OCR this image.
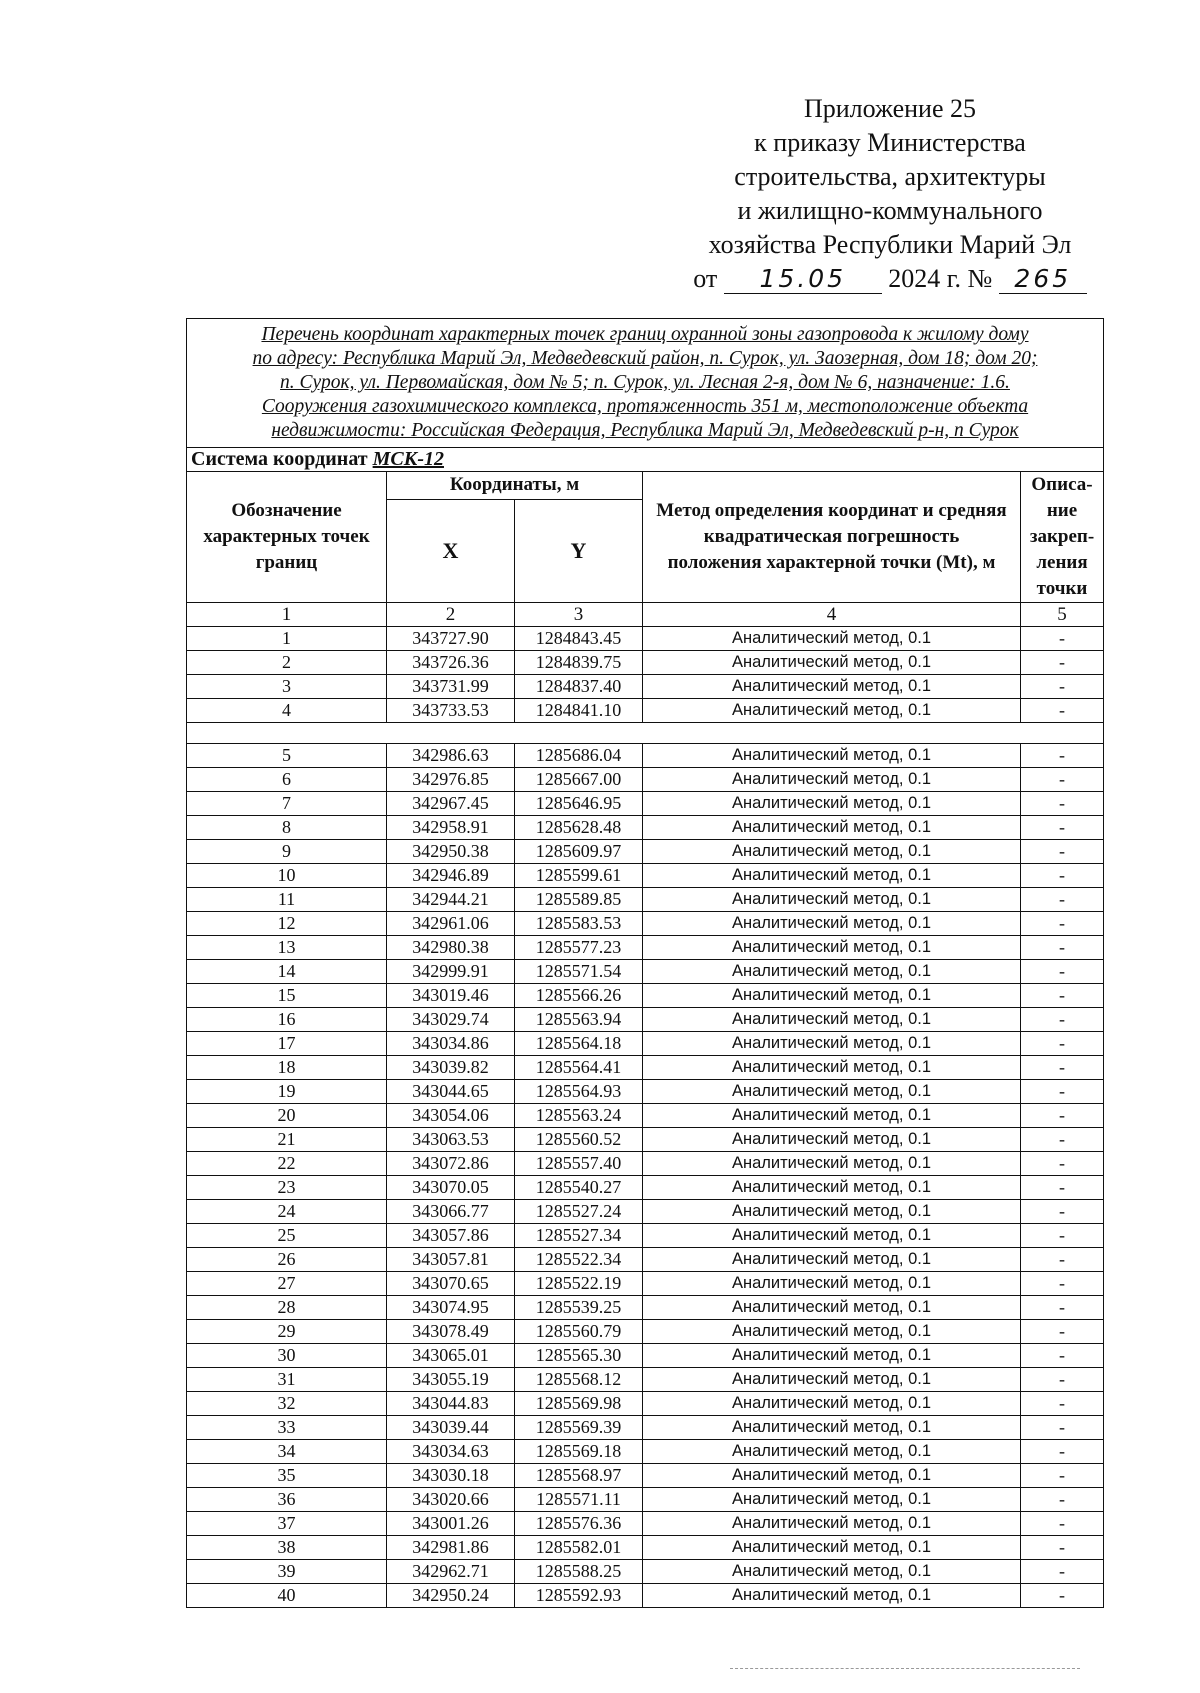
Приложение 25
к приказу Министерства
строительства, архитектуры
и жилищно-коммунального
хозяйства Республики Марий Эл
от 15.05 2024 г. № 265
Перечень координат характерных точек границ охранной зоны газопровода к жилому дому
по адресу: Республика Марий Эл, Медведевский район, п. Сурок, ул. Заозерная, дом 18; дом 20;
п. Сурок, ул. Первомайская, дом № 5; п. Сурок, ул. Лесная 2-я, дом № 6, назначение: 1.6.
Сооружения газохимического комплекса, протяженность 351 м, местоположение объекта
недвижимости: Российская Федерация, Республика Марий Эл, Медведевский р-н, п Сурок				

Система координат МСК-12				
Обозначение характерных точек границ	Координаты, м		Метод определения координат и средняя квадратическая погрешность положения характерной точки (Mt), м	Описа-ние закреп-ления точки
	X	Y		
1	2	3	4	5
1	343727.90	1284843.45	Аналитический метод, 0.1	-
2	343726.36	1284839.75	Аналитический метод, 0.1	-
3	343731.99	1284837.40	Аналитический метод, 0.1	-
4	343733.53	1284841.10	Аналитический метод, 0.1	-

5	342986.63	1285686.04	Аналитический метод, 0.1	-
6	342976.85	1285667.00	Аналитический метод, 0.1	-
7	342967.45	1285646.95	Аналитический метод, 0.1	-
8	342958.91	1285628.48	Аналитический метод, 0.1	-
9	342950.38	1285609.97	Аналитический метод, 0.1	-
10	342946.89	1285599.61	Аналитический метод, 0.1	-
11	342944.21	1285589.85	Аналитический метод, 0.1	-
12	342961.06	1285583.53	Аналитический метод, 0.1	-
13	342980.38	1285577.23	Аналитический метод, 0.1	-
14	342999.91	1285571.54	Аналитический метод, 0.1	-
15	343019.46	1285566.26	Аналитический метод, 0.1	-
16	343029.74	1285563.94	Аналитический метод, 0.1	-
17	343034.86	1285564.18	Аналитический метод, 0.1	-
18	343039.82	1285564.41	Аналитический метод, 0.1	-
19	343044.65	1285564.93	Аналитический метод, 0.1	-
20	343054.06	1285563.24	Аналитический метод, 0.1	-
21	343063.53	1285560.52	Аналитический метод, 0.1	-
22	343072.86	1285557.40	Аналитический метод, 0.1	-
23	343070.05	1285540.27	Аналитический метод, 0.1	-
24	343066.77	1285527.24	Аналитический метод, 0.1	-
25	343057.86	1285527.34	Аналитический метод, 0.1	-
26	343057.81	1285522.34	Аналитический метод, 0.1	-
27	343070.65	1285522.19	Аналитический метод, 0.1	-
28	343074.95	1285539.25	Аналитический метод, 0.1	-
29	343078.49	1285560.79	Аналитический метод, 0.1	-
30	343065.01	1285565.30	Аналитический метод, 0.1	-
31	343055.19	1285568.12	Аналитический метод, 0.1	-
32	343044.83	1285569.98	Аналитический метод, 0.1	-
33	343039.44	1285569.39	Аналитический метод, 0.1	-
34	343034.63	1285569.18	Аналитический метод, 0.1	-
35	343030.18	1285568.97	Аналитический метод, 0.1	-
36	343020.66	1285571.11	Аналитический метод, 0.1	-
37	343001.26	1285576.36	Аналитический метод, 0.1	-
38	342981.86	1285582.01	Аналитический метод, 0.1	-
39	342962.71	1285588.25	Аналитический метод, 0.1	-
40	342950.24	1285592.93	Аналитический метод, 0.1	-
